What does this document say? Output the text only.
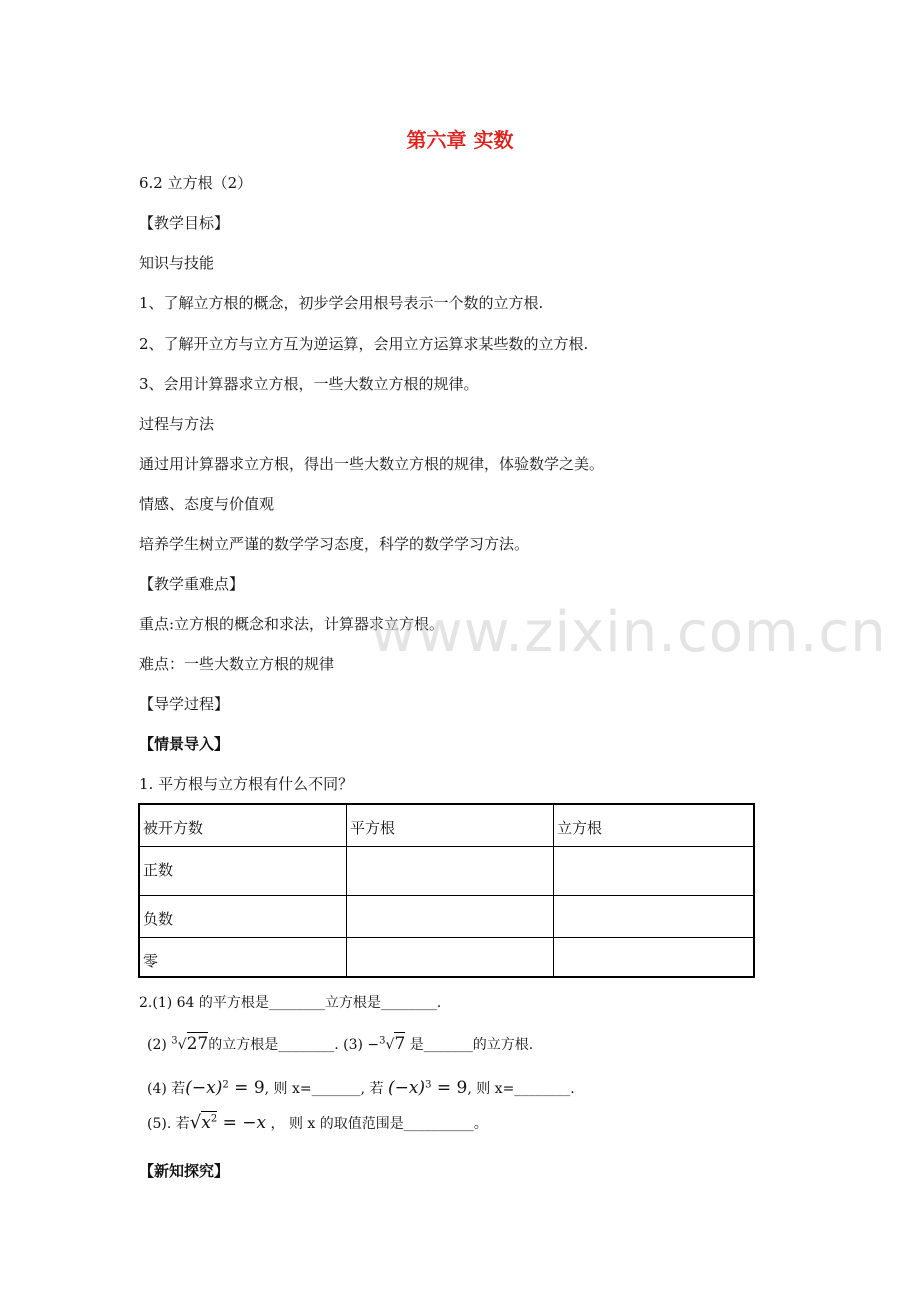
第六章 实数
6.2 立方根（2）
【教学目标】
知识与技能
1、了解立方根的概念，初步学会用根号表示一个数的立方根.
2、了解开立方与立方互为逆运算，会用立方运算求某些数的立方根.
3、会用计算器求立方根，一些大数立方根的规律。
过程与方法
通过用计算器求立方根，得出一些大数立方根的规律，体验数学之美。
情感、态度与价值观
培养学生树立严谨的数学学习态度，科学的数学学习方法。
【教学重难点】
重点:立方根的概念和求法，计算器求立方根。
难点：一些大数立方根的规律
【导学过程】
【情景导入】
1. 平方根与立方根有什么不同？
www.zixin.com.cn
被开方数	平方根	立方根
正数		
负数		
零		
2.(1) 64 的平方根是________立方根是________.
(2) $^3$√27的立方根是________. (3) −$^3$√7 是_______的立方根.
(4) 若$(-x)^2 = 9$, 则 x=_______, 若 $(-x)^3 = 9$, 则 x=________.
(5). 若$√x^2 = -x$ ， 则 x 的取值范围是__________。
【新知探究】
